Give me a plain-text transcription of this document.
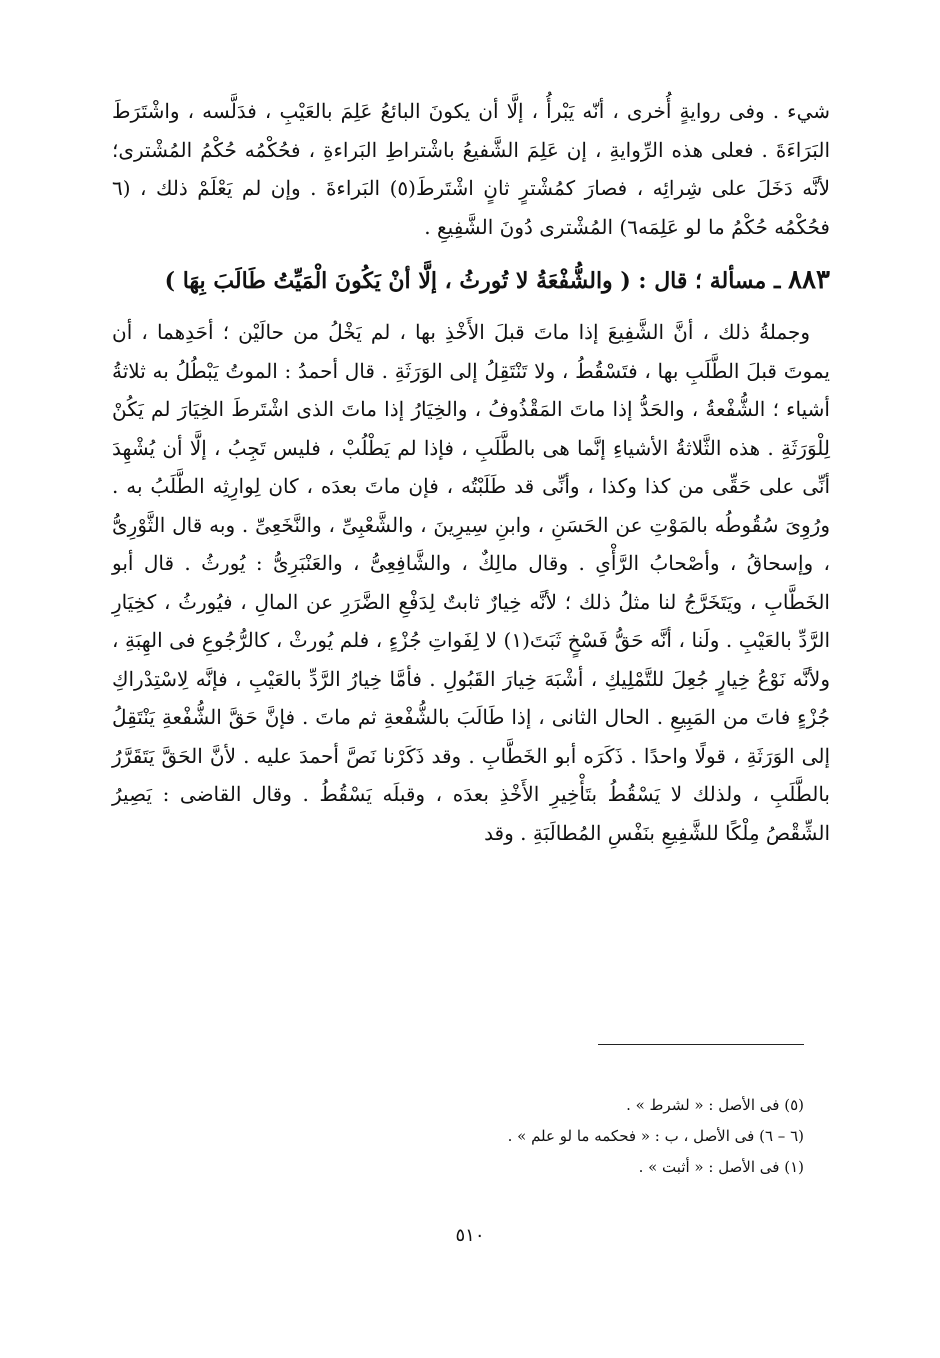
شيء . وفى روايةٍ أُخرى ، أنّه يَبْرأُ ، إلَّا أن يكونَ البائعُ عَلِمَ بالعَيْبِ ، فدَلَّسه ، واشْتَرَطَ البَرَاءَةَ . فعلى هذه الرِّوايةِ ، إن عَلِمَ الشَّفيعُ باشْتراطِ البَراءةِ ، فحُكْمُه حُكْمُ المُشْترى؛ لأنَّه دَخَلَ على شِرائِه ، فصارَ كمُشْترٍ ثانٍ اشْتَرطَ(٥) البَراءةَ . وإن لم يَعْلَمْ ذلك ، (٦ فحُكْمُه حُكْمُ ما لو عَلِمَه٦) المُشْترى دُونَ الشَّفِيعِ .

٨٨٣ ـ مسألة ؛ قال : ( والشُّفْعَةُ لا تُورثُ ، إلَّا أنْ يَكُونَ الْمَيِّتُ طَالَبَ بِهَا )

وجملةُ ذلك ، أنَّ الشَّفِيعَ إذا ماتَ قبلَ الأَخْذِ بها ، لم يَخْلُ من حالَيْن ؛ أحَدِهما ، أن يموتَ قبلَ الطَّلَبِ بها ، فتَسْقُطُ ، ولا تَنْتَقِلُ إلى الوَرَثَةِ . قال أحمدُ : الموتُ يَبْطُلُ به ثلاثةُ أشياء ؛ الشُّفْعةُ ، والحَدُّ إذا ماتَ المَقْذُوفُ ، والخِيَارُ إذا ماتَ الذى اشْتَرطَ الخِيَارَ لم يَكُنْ لِلْوَرَثَةِ . هذه الثَّلاثةُ الأشياءِ إنَّما هى بالطَّلَبِ ، فإذا لم يَطْلُبْ ، فليس تَجِبُ ، إلَّا أن يُشْهِدَ أنِّى على حَقِّى من كذا وكذا ، وأنِّى قد طَلَبْتُه ، فإن ماتَ بعدَه ، كان لِوارِثِه الطَّلَبُ به . ورُوِىَ سُقُوطُه بالمَوْتِ عن الحَسَنِ ، وابنِ سِيرِينَ ، والشَّعْبِىِّ ، والنَّخَعِىِّ . وبه قال الثَّوْرِىُّ ، وإسحاقُ ، وأصْحابُ الرَّأْىِ . وقال مالِكٌ ، والشَّافِعِىُّ ، والعَنْبَرِىُّ : يُورثُ . قال أبو الخَطَّابِ ، ويَتَخَرَّجُ لنا مثلُ ذلك ؛ لأنَّه خِيارٌ ثابتٌ لِدَفْعِ الضَّرَرِ عن المالِ ، فيُورثُ ، كخِيَارِ الرَّدِّ بالعَيْبِ . ولَنا ، أنَّه حَقُّ فَسْخٍ ثَبَتَ(١) لا لِفَواتِ جُزْءٍ ، فلم يُورثْ ، كالرُّجُوعِ فى الهِبَةِ ، ولأنَّه نَوْعُ خِيارٍ جُعِلَ للتَّمْلِيكِ ، أشْبَهَ خِيارَ القَبُولِ . فأمَّا خِيارُ الرَّدِّ بالعَيْبِ ، فإنَّه لِاسْتِدْراكِ جُزْءٍ فاتَ من المَبِيعِ . الحال الثانى ، إذا طَالَبَ بالشُّفْعةِ ثم ماتَ . فإنَّ حَقَّ الشُّفْعةِ يَنْتَقِلُ إلى الوَرَثَةِ ، قولًا واحدًا . ذَكَرَه أبو الخَطَّابِ . وقد ذَكَرْنا نَصَّ أحمدَ عليه . لأنَّ الحَقَّ يَتَقَرَّرُ بالطَّلَبِ ، ولذلك لا يَسْقُطُ بتَأْخِيرِ الأَخْذِ بعدَه ، وقبلَه يَسْقُطُ . وقال القاضى : يَصِيرُ الشِّقْصُ مِلْكًا للشَّفِيعِ بنَفْسِ المُطالَبَةِ . وقد

(٥) فى الأصل : « لشرط » .

(٦ – ٦) فى الأصل ، ب : « فحكمه ما لو علم » .

(١) فى الأصل : « أثبت » .

٥١٠
